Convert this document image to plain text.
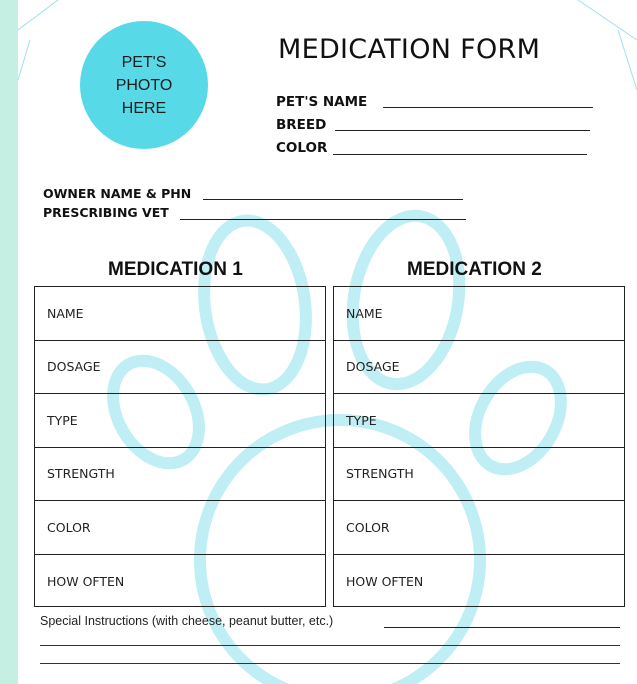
PET'S
PHOTO
HERE
MEDICATION FORM
PET'S NAME
BREED
COLOR
OWNER NAME & PHN
PRESCRIBING VET
MEDICATION 1
NAME
DOSAGE
TYPE
STRENGTH
COLOR
HOW OFTEN
MEDICATION 2
NAME
DOSAGE
TYPE
STRENGTH
COLOR
HOW OFTEN
Special Instructions (with cheese, peanut butter, etc.)
